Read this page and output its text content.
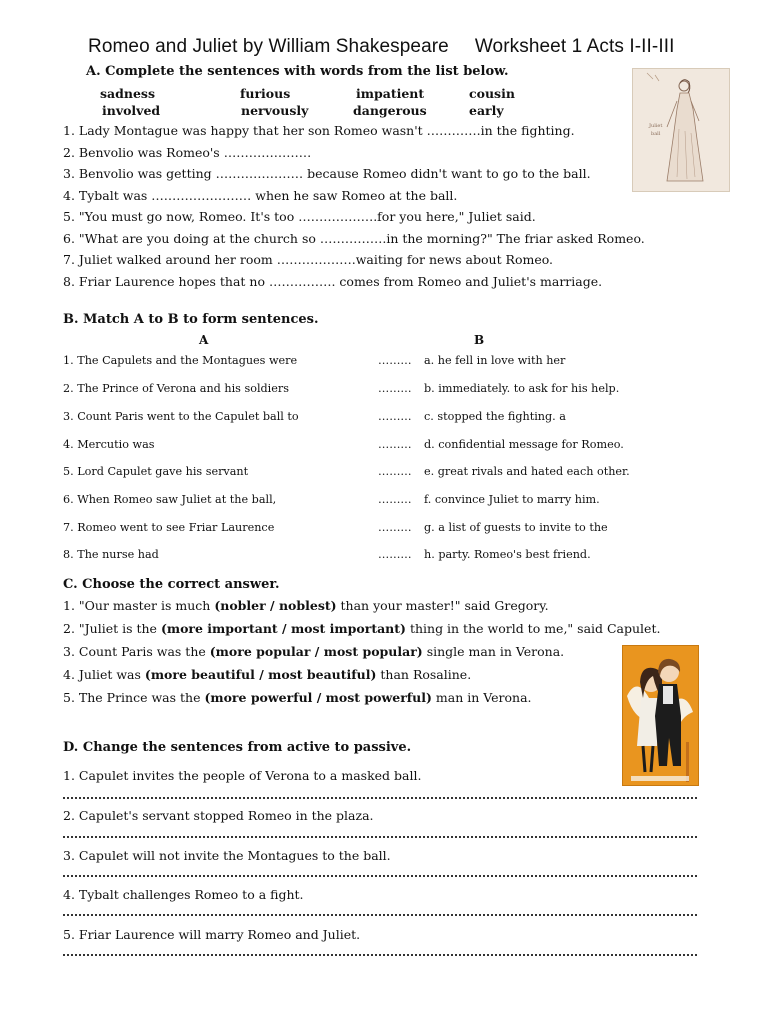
Romeo and Juliet by William Shakespeare Worksheet 1 Acts I-II-III
A. Complete the sentences with words from the list below.
sadness	furious	impatient	cousin
involved	nervously	dangerous	early
1. Lady Montague was happy that her son Romeo wasn't ………….in the fighting.
2. Benvolio was Romeo's …………………
3. Benvolio was getting ………………… because Romeo didn't want to go to the ball.
4. Tybalt was …………………… when he saw Romeo at the ball.
5. "You must go now, Romeo. It's too ……………….for you here," Juliet said.
6. "What are you doing at the church so …………….in the morning?" The friar asked Romeo.
7. Juliet walked around her room ……………….waiting for news about Romeo.
8. Friar Laurence hopes that no ……………. comes from Romeo and Juliet's marriage.
Juliet
ball
B. Match A to B to form sentences.
A	B
1. The Capulets and the Montagues were	……… a. he fell in love with her
2. The Prince of Verona and his soldiers	……… b. immediately. to ask for his help.
3. Count Paris went to the Capulet ball to	……… c. stopped the fighting. a
4. Mercutio was	……… d. confidential message for Romeo.
5. Lord Capulet gave his servant	……… e. great rivals and hated each other.
6. When Romeo saw Juliet at the ball,	……… f. convince Juliet to marry him.
7. Romeo went to see Friar Laurence	……… g. a list of guests to invite to the
8. The nurse had	……… h. party. Romeo's best friend.
C. Choose the correct answer.
1. "Our master is much (nobler / noblest) than your master!" said Gregory.
2. "Juliet is the (more important / most important) thing in the world to me," said Capulet.
3. Count Paris was the (more popular / most popular) single man in Verona.
4. Juliet was (more beautiful / most beautiful) than Rosaline.
5. The Prince was the (more powerful / most powerful) man in Verona.
D. Change the sentences from active to passive.
1. Capulet invites the people of Verona to a masked ball.
2. Capulet's servant stopped Romeo in the plaza.
3. Capulet will not invite the Montagues to the ball.
4. Tybalt challenges Romeo to a fight.
5. Friar Laurence will marry Romeo and Juliet.
